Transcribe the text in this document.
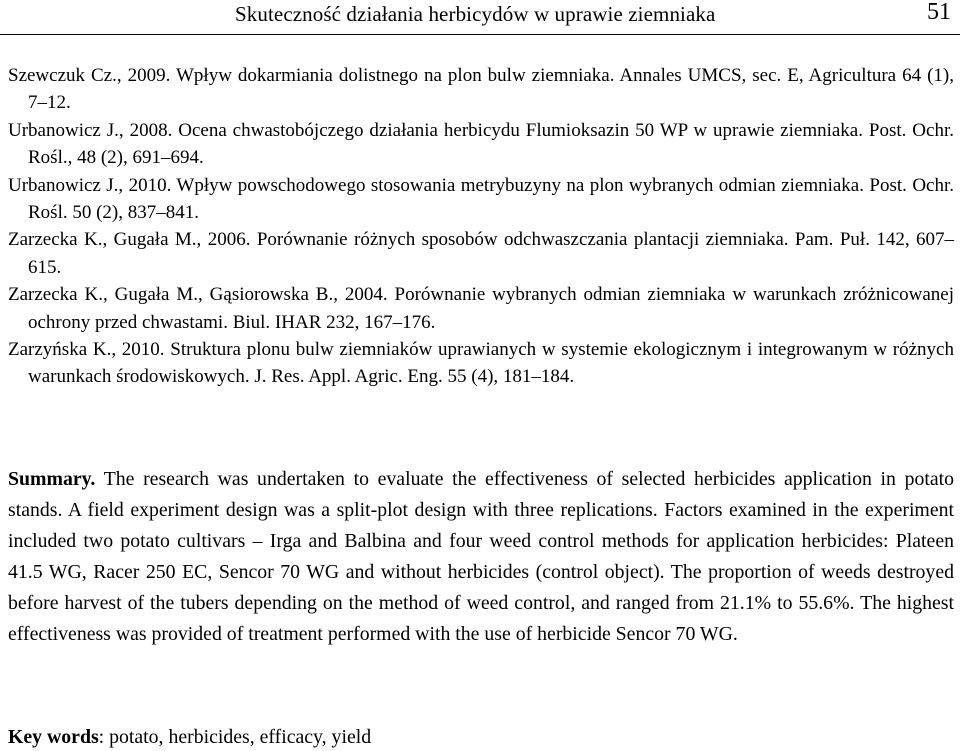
Skuteczność działania herbicydów w uprawie ziemniaka	51

Szewczuk Cz., 2009. Wpływ dokarmiania dolistnego na plon bulw ziemniaka. Annales UMCS, sec. E, Agricultura 64 (1), 7–12.

Urbanowicz J., 2008. Ocena chwastobójczego działania herbicydu Flumioksazin 50 WP w uprawie ziemniaka. Post. Ochr. Rośl., 48 (2), 691–694.

Urbanowicz J., 2010. Wpływ powschodowego stosowania metrybuzyny na plon wybranych odmian ziemniaka. Post. Ochr. Rośl. 50 (2), 837–841.

Zarzecka K., Gugała M., 2006. Porównanie różnych sposobów odchwaszczania plantacji ziemniaka. Pam. Puł. 142, 607–615.

Zarzecka K., Gugała M., Gąsiorowska B., 2004. Porównanie wybranych odmian ziemniaka w warunkach zróżnicowanej ochrony przed chwastami. Biul. IHAR 232, 167–176.

Zarzyńska K., 2010. Struktura plonu bulw ziemniaków uprawianych w systemie ekologicznym i integrowanym w różnych warunkach środowiskowych. J. Res. Appl. Agric. Eng. 55 (4), 181–184.

Summary. The research was undertaken to evaluate the effectiveness of selected herbicides application in potato stands. A field experiment design was a split-plot design with three replications. Factors examined in the experiment included two potato cultivars – Irga and Balbina and four weed control methods for application herbicides: Plateen 41.5 WG, Racer 250 EC, Sencor 70 WG and without herbicides (control object). The proportion of weeds destroyed before harvest of the tubers depending on the method of weed control, and ranged from 21.1% to 55.6%. The highest effectiveness was provided of treatment performed with the use of herbicide Sencor 70 WG.

Key words: potato, herbicides, efficacy, yield
